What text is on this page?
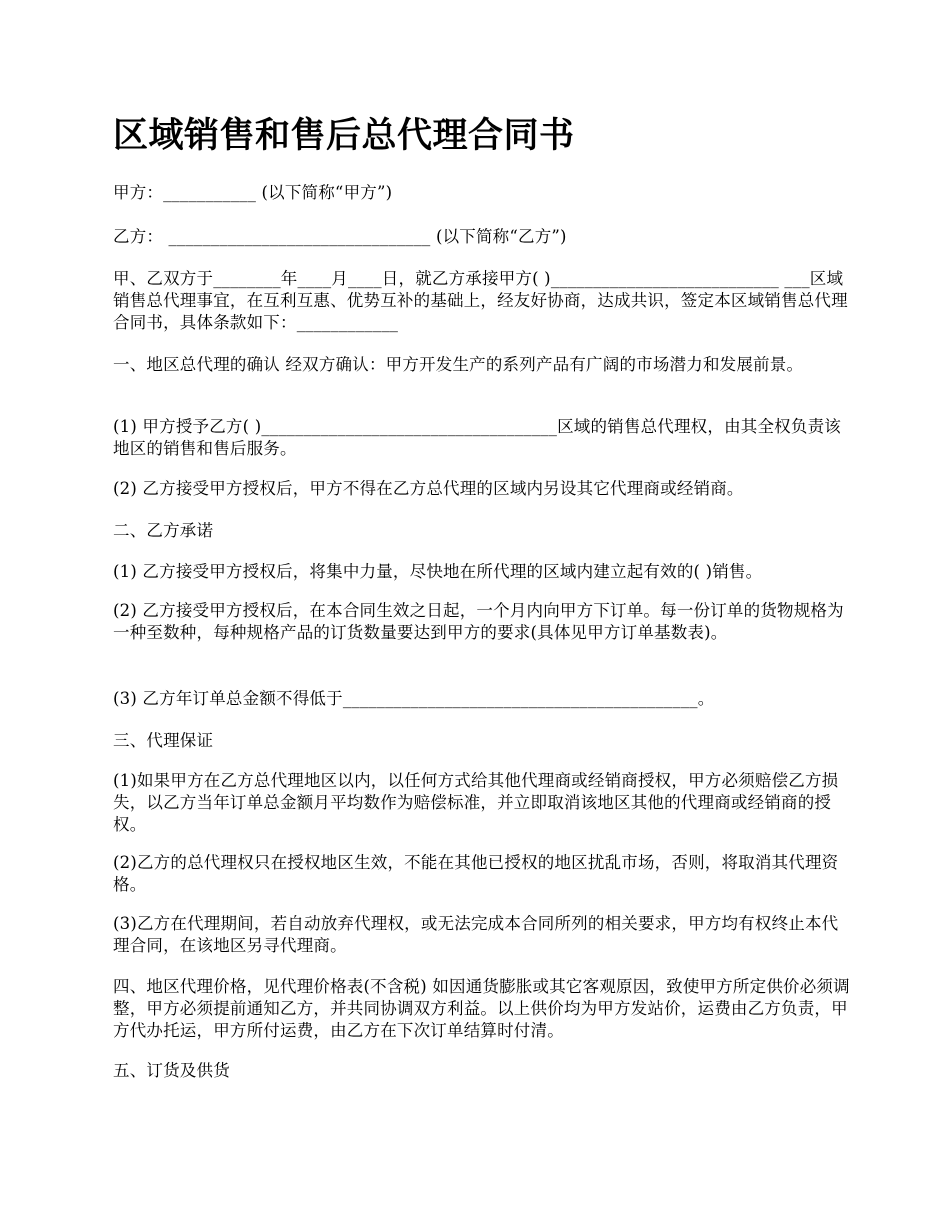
区域销售和售后总代理合同书

甲方：___________ (以下简称“甲方”)

乙方： _______________________________ (以下简称“乙方”)

甲、乙双方于________年____月____日，就乙方承接甲方( )___________________________ ___区域销售总代理事宜，在互利互惠、优势互补的基础上，经友好协商，达成共识，签定本区域销售总代理合同书，具体条款如下：____________

一、地区总代理的确认 经双方确认：甲方开发生产的系列产品有广阔的市场潜力和发展前景。

(1) 甲方授予乙方( )___________________________________区域的销售总代理权，由其全权负责该地区的销售和售后服务。

(2) 乙方接受甲方授权后，甲方不得在乙方总代理的区域内另设其它代理商或经销商。

二、乙方承诺

(1) 乙方接受甲方授权后，将集中力量，尽快地在所代理的区域内建立起有效的( )销售。

(2) 乙方接受甲方授权后，在本合同生效之日起，一个月内向甲方下订单。每一份订单的货物规格为一种至数种，每种规格产品的订货数量要达到甲方的要求(具体见甲方订单基数表)。

(3) 乙方年订单总金额不得低于__________________________________________。

三、代理保证

(1)如果甲方在乙方总代理地区以内，以任何方式给其他代理商或经销商授权，甲方必须赔偿乙方损失，以乙方当年订单总金额月平均数作为赔偿标准，并立即取消该地区其他的代理商或经销商的授权。

(2)乙方的总代理权只在授权地区生效，不能在其他已授权的地区扰乱市场，否则，将取消其代理资格。

(3)乙方在代理期间，若自动放弃代理权，或无法完成本合同所列的相关要求，甲方均有权终止本代理合同，在该地区另寻代理商。

四、地区代理价格，见代理价格表(不含税) 如因通货膨胀或其它客观原因，致使甲方所定供价必须调整，甲方必须提前通知乙方，并共同协调双方利益。以上供价均为甲方发站价，运费由乙方负责，甲方代办托运，甲方所付运费，由乙方在下次订单结算时付清。

五、订货及供货
